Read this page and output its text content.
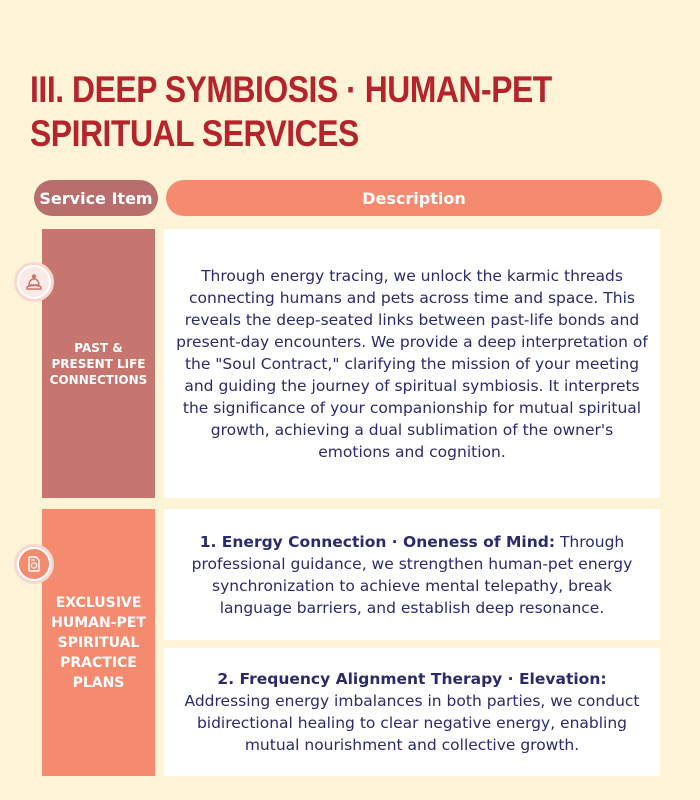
III. DEEP SYMBIOSIS · HUMAN-PET SPIRITUAL SERVICES
Service Item	Description
PAST & PRESENT LIFE CONNECTIONS
Through energy tracing, we unlock the karmic threads connecting humans and pets across time and space. This reveals the deep-seated links between past-life bonds and present-day encounters. We provide a deep interpretation of the "Soul Contract," clarifying the mission of your meeting and guiding the journey of spiritual symbiosis. It interprets the significance of your companionship for mutual spiritual growth, achieving a dual sublimation of the owner's emotions and cognition.
EXCLUSIVE HUMAN-PET SPIRITUAL PRACTICE PLANS
1. Energy Connection · Oneness of Mind: Through professional guidance, we strengthen human-pet energy synchronization to achieve mental telepathy, break language barriers, and establish deep resonance.
2. Frequency Alignment Therapy · Elevation: Addressing energy imbalances in both parties, we conduct bidirectional healing to clear negative energy, enabling mutual nourishment and collective growth.
